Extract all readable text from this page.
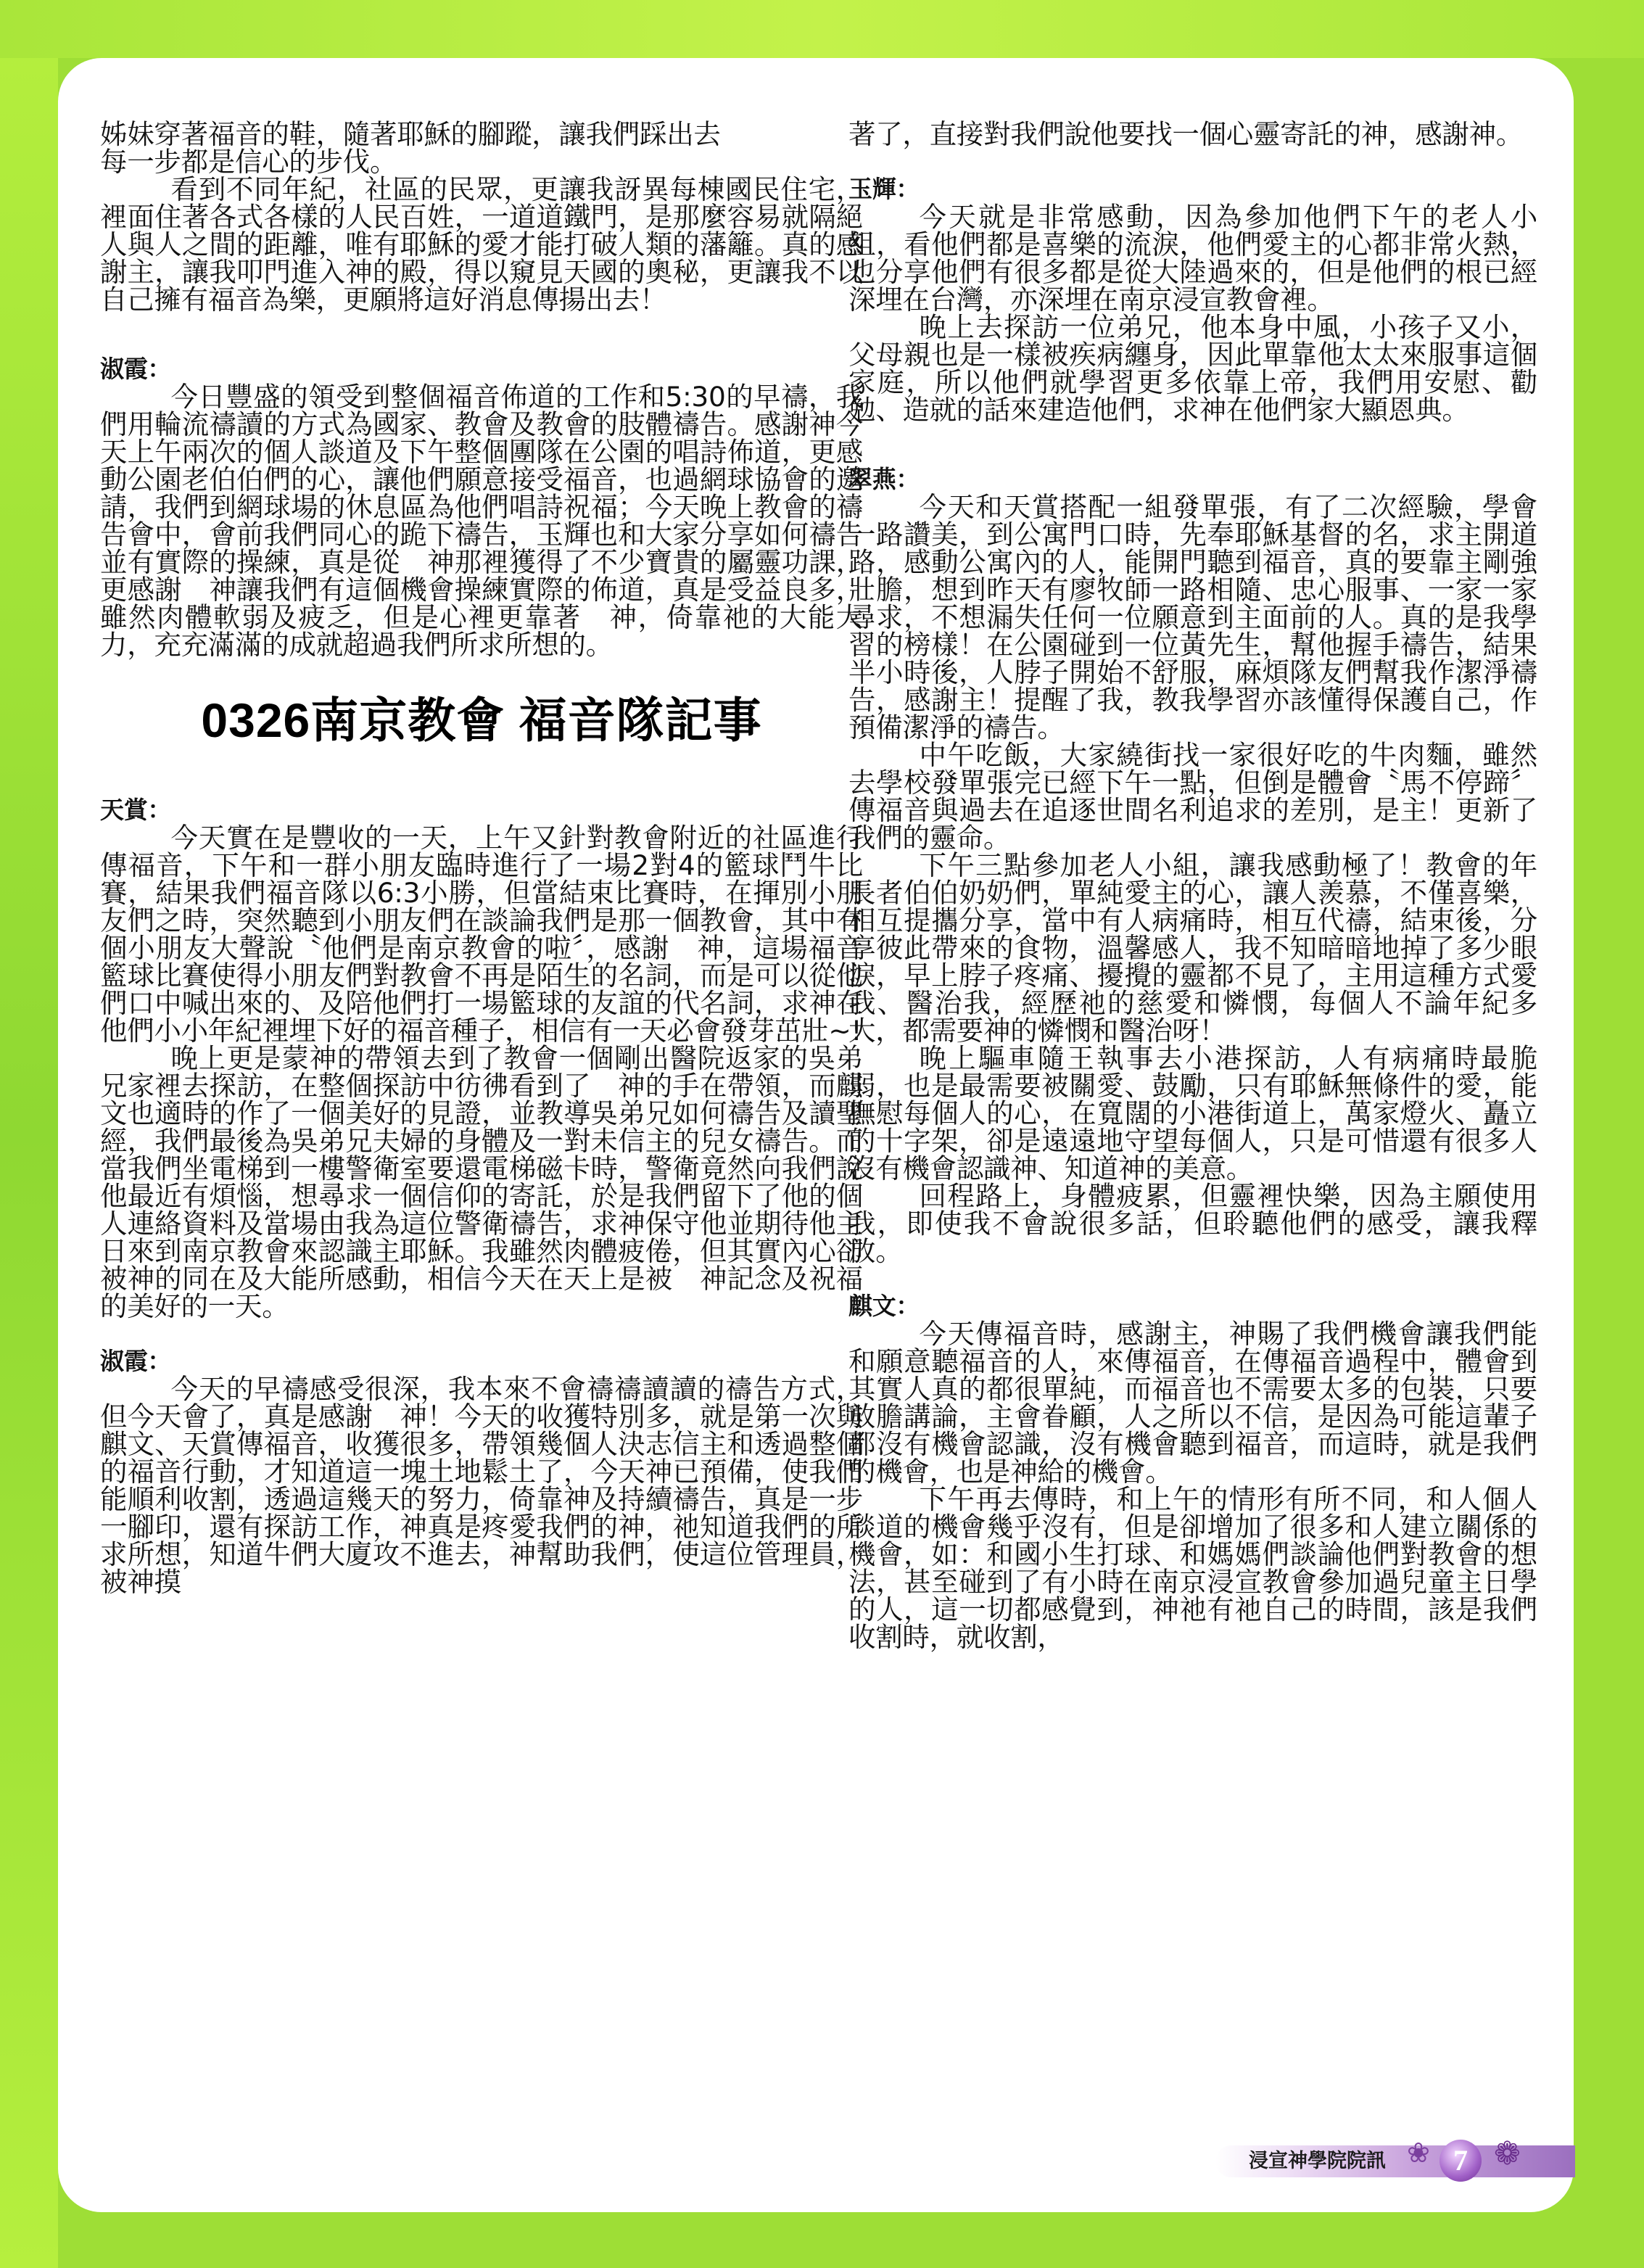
姊妹穿著福音的鞋，隨著耶穌的腳蹤，讓我們踩出去

每一步都是信心的步伐。

看到不同年紀，社區的民眾，更讓我訝異每棟國民住宅，裡面住著各式各樣的人民百姓，一道道鐵門，是那麼容易就隔絕人與人之間的距離，唯有耶穌的愛才能打破人類的藩籬。真的感謝主，讓我叩門進入神的殿，得以窺見天國的奧秘，更讓我不以自己擁有福音為樂，更願將這好消息傳揚出去！

淑霞：

今日豐盛的領受到整個福音佈道的工作和5:30的早禱，我們用輪流禱讀的方式為國家、教會及教會的肢體禱告。感謝神今天上午兩次的個人談道及下午整個團隊在公園的唱詩佈道，更感動公園老伯伯們的心，讓他們願意接受福音，也過網球協會的邀請，我們到網球場的休息區為他們唱詩祝福；今天晚上教會的禱告會中，會前我們同心的跪下禱告，玉輝也和大家分享如何禱告並有實際的操練，真是從　神那裡獲得了不少寶貴的屬靈功課，更感謝　神讓我們有這個機會操練實際的佈道，真是受益良多，雖然肉體軟弱及疲乏，但是心裡更靠著　神，倚靠祂的大能大力，充充滿滿的成就超過我們所求所想的。

0326南京教會 福音隊記事

天賞：

今天實在是豐收的一天，上午又針對教會附近的社區進行傳福音，下午和一群小朋友臨時進行了一場2對4的籃球鬥牛比賽，結果我們福音隊以6:3小勝，但當結束比賽時，在揮別小朋友們之時，突然聽到小朋友們在談論我們是那一個教會，其中有個小朋友大聲說〝他們是南京教會的啦〞，感謝　神，這場福音籃球比賽使得小朋友們對教會不再是陌生的名詞，而是可以從他們口中喊出來的、及陪他們打一場籃球的友誼的代名詞，求神在他們小小年紀裡埋下好的福音種子，相信有一天必會發芽茁壯~!

晚上更是蒙神的帶領去到了教會一個剛出醫院返家的吳弟兄家裡去探訪，在整個探訪中彷彿看到了　神的手在帶領，而麒文也適時的作了一個美好的見證，並教導吳弟兄如何禱告及讀聖經，我們最後為吳弟兄夫婦的身體及一對未信主的兒女禱告。而當我們坐電梯到一樓警衛室要還電梯磁卡時，警衛竟然向我們說他最近有煩惱，想尋求一個信仰的寄託，於是我們留下了他的個人連絡資料及當場由我為這位警衛禱告，求神保守他並期待他主日來到南京教會來認識主耶穌。我雖然肉體疲倦，但其實內心卻被神的同在及大能所感動，相信今天在天上是被　神記念及祝福的美好的一天。

淑霞：

今天的早禱感受很深，我本來不會禱禱讀讀的禱告方式，但今天會了，真是感謝　神！今天的收獲特別多，就是第一次與麒文、天賞傳福音，收獲很多，帶領幾個人決志信主和透過整個的福音行動，才知道這一塊土地鬆土了，今天神已預備，使我們能順利收割，透過這幾天的努力，倚靠神及持續禱告，真是一步一腳印，還有探訪工作，神真是疼愛我們的神，祂知道我們的所求所想，知道牛們大廈攻不進去，神幫助我們，使這位管理員，被神摸

著了，直接對我們說他要找一個心靈寄託的神，感謝神。

玉輝：

今天就是非常感動，因為參加他們下午的老人小組，看他們都是喜樂的流淚，他們愛主的心都非常火熱，也分享他們有很多都是從大陸過來的，但是他們的根已經深埋在台灣，亦深埋在南京浸宣教會裡。

晚上去探訪一位弟兄，他本身中風，小孩子又小，父母親也是一樣被疾病纏身，因此單靠他太太來服事這個家庭，所以他們就學習更多依靠上帝，我們用安慰、勸勉、造就的話來建造他們，求神在他們家大顯恩典。

翠燕：

今天和天賞搭配一組發單張，有了二次經驗，學會一路讚美，到公寓門口時，先奉耶穌基督的名，求主開道路，感動公寓內的人，能開門聽到福音，真的要靠主剛強壯膽，想到昨天有廖牧師一路相隨、忠心服事、一家一家尋求，不想漏失任何一位願意到主面前的人。真的是我學習的榜樣！在公園碰到一位黃先生，幫他握手禱告，結果半小時後，人脖子開始不舒服，麻煩隊友們幫我作潔淨禱告，感謝主！提醒了我，教我學習亦該懂得保護自己，作預備潔淨的禱告。

中午吃飯，大家繞街找一家很好吃的牛肉麵，雖然去學校發單張完已經下午一點，但倒是體會〝馬不停蹄〞傳福音與過去在追逐世間名利追求的差別，是主！更新了我們的靈命。

下午三點參加老人小組，讓我感動極了！教會的年長者伯伯奶奶們，單純愛主的心，讓人羨慕，不僅喜樂，相互提攜分享，當中有人病痛時，相互代禱，結束後，分享彼此帶來的食物，溫馨感人，我不知暗暗地掉了多少眼淚，早上脖子疼痛、擾攪的靈都不見了，主用這種方式愛我、醫治我，經歷祂的慈愛和憐憫，每個人不論年紀多大，都需要神的憐憫和醫治呀！

晚上驅車隨王執事去小港探訪，人有病痛時最脆弱，也是最需要被關愛、鼓勵，只有耶穌無條件的愛，能撫慰每個人的心，在寬闊的小港街道上，萬家燈火、矗立的十字架，卻是遠遠地守望每個人，只是可惜還有很多人沒有機會認識神、知道神的美意。

回程路上，身體疲累，但靈裡快樂，因為主願使用我，即使我不會說很多話，但聆聽他們的感受，讓我釋放。

麒文：

今天傳福音時，感謝主，神賜了我們機會讓我們能和願意聽福音的人，來傳福音，在傳福音過程中，體會到其實人真的都很單純，而福音也不需要太多的包裝，只要放膽講論，主會眷顧，人之所以不信，是因為可能這輩子都沒有機會認識，沒有機會聽到福音，而這時，就是我們的機會，也是神給的機會。

下午再去傳時，和上午的情形有所不同，和人個人談道的機會幾乎沒有，但是卻增加了很多和人建立關係的機會，如：和國小生打球、和媽媽們談論他們對教會的想法，甚至碰到了有小時在南京浸宣教會參加過兒童主日學的人，這一切都感覺到，神祂有祂自己的時間，該是我們收割時，就收割，

浸宣神學院院訊 ❀ 7 ❁
